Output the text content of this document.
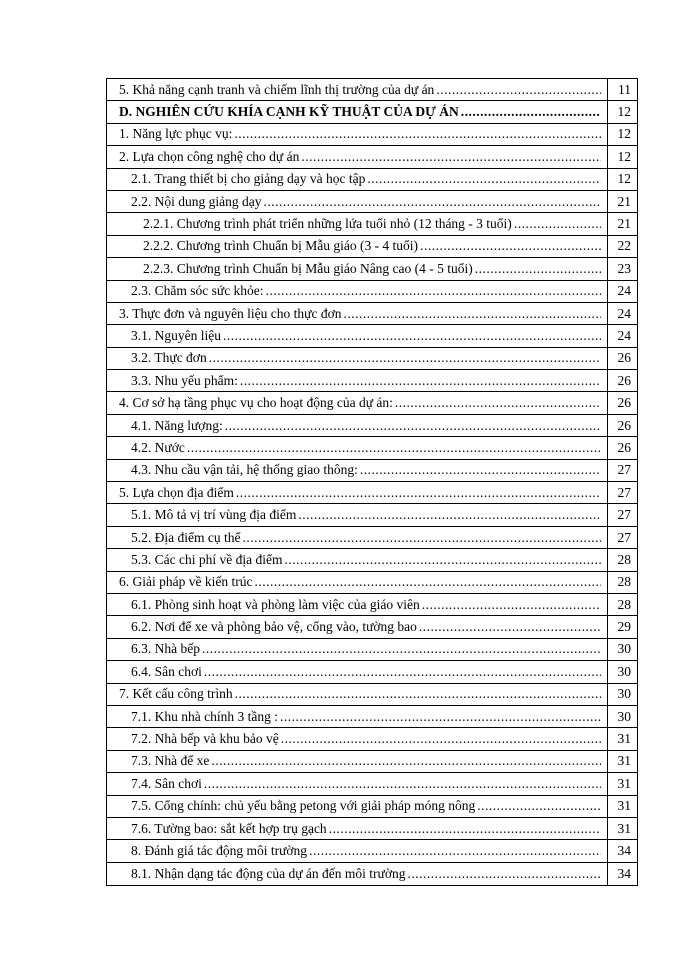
5. Khả năng cạnh tranh và chiếm lĩnh thị trường của dự án .....	11
D. NGHIÊN CỨU KHÍA CẠNH KỸ THUẬT CỦA DỰ ÁN .....	12
1. Năng lực phục vụ: .....	12
2. Lựa chọn công nghệ cho dự án .....	12
2.1. Trang thiết bị cho giảng dạy và học tập .....	12
2.2. Nội dung giảng dạy .....	21
2.2.1. Chương trình phát triển những lứa tuổi nhỏ (12 tháng - 3 tuổi) .....	21
2.2.2. Chương trình Chuẩn bị Mẫu giáo (3 - 4 tuổi) .....	22
2.2.3. Chương trình Chuẩn bị Mẫu giáo Nâng cao (4 - 5 tuổi) .....	23
2.3. Chăm sóc sức khỏe: .....	24
3. Thực đơn và nguyên liệu cho thực đơn .....	24
3.1. Nguyên liệu .....	24
3.2. Thực đơn .....	26
3.3. Nhu yếu phẩm: .....	26
4. Cơ sở hạ tầng phục vụ cho hoạt động của dự án: .....	26
4.1. Năng lượng: .....	26
4.2. Nước .....	26
4.3. Nhu cầu vận tải, hệ thống giao thông: .....	27
5. Lựa chọn địa điểm .....	27
5.1. Mô tả vị trí vùng địa điểm .....	27
5.2. Địa điểm cụ thể .....	27
5.3. Các chi phí về địa điểm .....	28
6. Giải pháp về kiến trúc .....	28
6.1. Phòng sinh hoạt và phòng làm việc của giáo viên .....	28
6.2. Nơi để xe và phòng bảo vệ, cổng vào, tường bao .....	29
6.3. Nhà bếp .....	30
6.4. Sân chơi .....	30
7. Kết cấu công trình .....	30
7.1. Khu nhà chính 3 tầng : .....	30
7.2. Nhà bếp và khu bảo vệ .....	31
7.3. Nhà để xe .....	31
7.4. Sân chơi .....	31
7.5. Cổng chính: chủ yếu bằng petong với giải pháp móng nông .....	31
7.6. Tường bao: sắt kết hợp trụ gạch .....	31
8. Đánh giá tác động môi trường .....	34
8.1. Nhận dạng tác động của dự án đến môi trường .....	34
